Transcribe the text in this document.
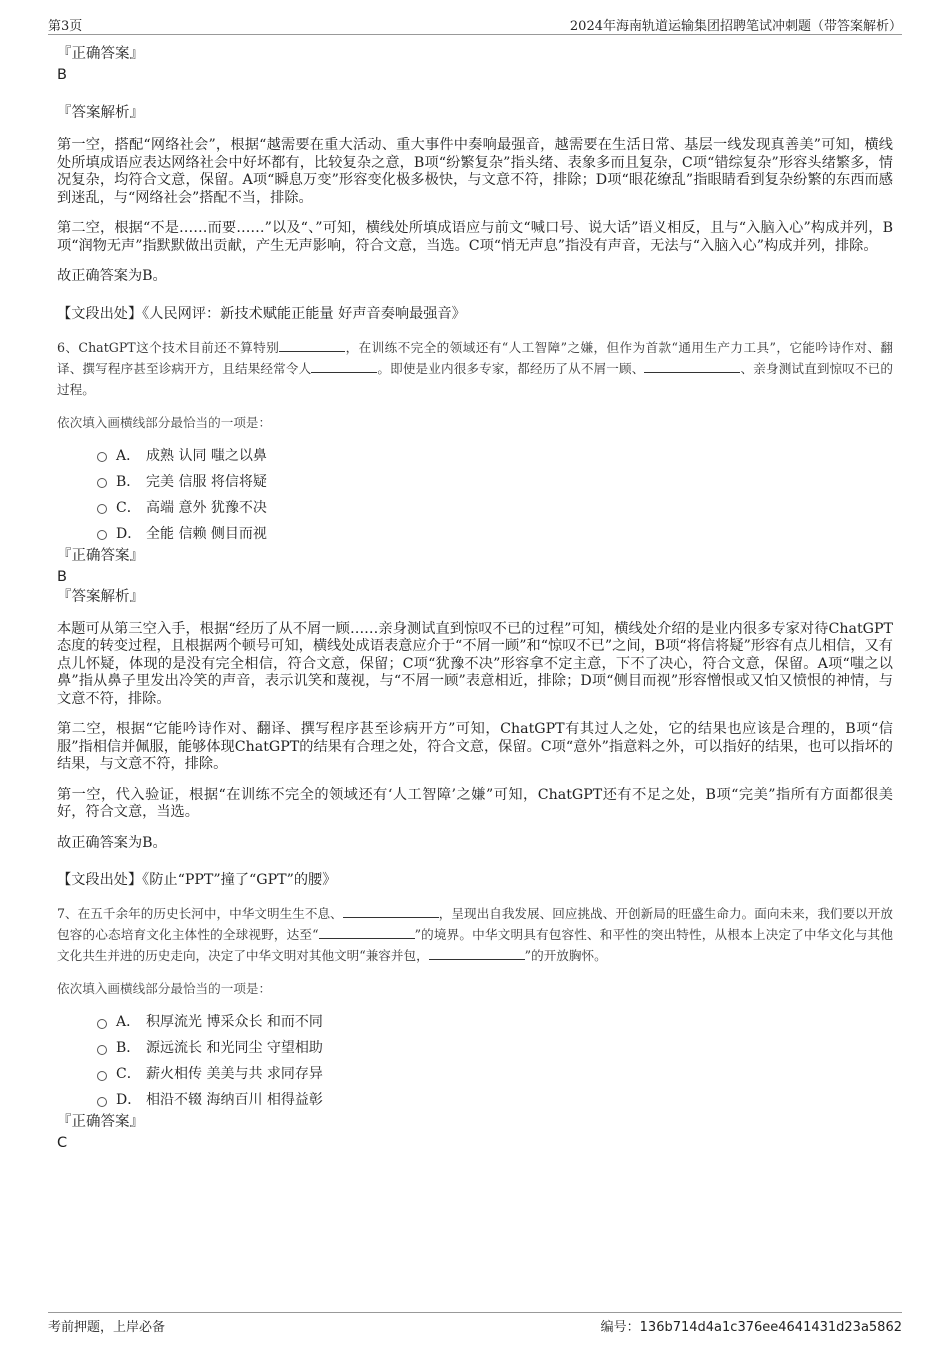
第3页	2024年海南轨道运输集团招聘笔试冲刺题（带答案解析）
『正确答案』
B
『答案解析』

第一空，搭配“网络社会”，根据“越需要在重大活动、重大事件中奏响最强音，越需要在生活日常、基层一线发现真善美”可知，横线处所填成语应表达网络社会中好坏都有，比较复杂之意，B项“纷繁复杂”指头绪、表象多而且复杂，C项“错综复杂”形容头绪繁多，情况复杂，均符合文意，保留。A项“瞬息万变”形容变化极多极快，与文意不符，排除；D项“眼花缭乱”指眼睛看到复杂纷繁的东西而感到迷乱，与“网络社会”搭配不当，排除。

第二空，根据“不是……而要……”以及“、”可知，横线处所填成语应与前文“喊口号、说大话”语义相反，且与“入脑入心”构成并列，B项“润物无声”指默默做出贡献，产生无声影响，符合文意，当选。C项“悄无声息”指没有声音，无法与“入脑入心”构成并列，排除。

故正确答案为B。

【文段出处】《人民网评：新技术赋能正能量 好声音奏响最强音》

6、ChatGPT这个技术目前还不算特别	，在训练不完全的领域还有“人工智障”之嫌，但作为首款“通用生产力工具”，它能吟诗作对、翻译、撰写程序甚至诊病开方，且结果经常令人	。即使是业内很多专家，都经历了从不屑一顾、	、亲身测试直到惊叹不已的过程。

依次填入画横线部分最恰当的一项是：
A． 成熟 认同 嗤之以鼻
B． 完美 信服 将信将疑
C． 高端 意外 犹豫不决
D． 全能 信赖 侧目而视
『正确答案』
B
『答案解析』

本题可从第三空入手，根据“经历了从不屑一顾……亲身测试直到惊叹不已的过程”可知，横线处介绍的是业内很多专家对待ChatGPT态度的转变过程，且根据两个顿号可知，横线处成语表意应介于“不屑一顾”和“惊叹不已”之间，B项“将信将疑”形容有点儿相信，又有点儿怀疑，体现的是没有完全相信，符合文意，保留；C项“犹豫不决”形容拿不定主意，下不了决心，符合文意，保留。A项“嗤之以鼻”指从鼻子里发出冷笑的声音，表示讥笑和蔑视，与“不屑一顾”表意相近，排除；D项“侧目而视”形容憎恨或又怕又愤恨的神情，与文意不符，排除。

第二空，根据“它能吟诗作对、翻译、撰写程序甚至诊病开方”可知，ChatGPT有其过人之处，它的结果也应该是合理的，B项“信服”指相信并佩服，能够体现ChatGPT的结果有合理之处，符合文意，保留。C项“意外”指意料之外，可以指好的结果，也可以指坏的结果，与文意不符，排除。

第一空，代入验证，根据“在训练不完全的领域还有‘人工智障’之嫌”可知，ChatGPT还有不足之处，B项“完美”指所有方面都很美好，符合文意，当选。

故正确答案为B。

【文段出处】《防止“PPT”撞了“GPT”的腰》

7、在五千余年的历史长河中，中华文明生生不息、	，呈现出自我发展、回应挑战、开创新局的旺盛生命力。面向未来，我们要以开放包容的心态培育文化主体性的全球视野，达至“	”的境界。中华文明具有包容性、和平性的突出特性，从根本上决定了中华文化与其他文化共生并进的历史走向，决定了中华文明对其他文明“兼容并包，	”的开放胸怀。

依次填入画横线部分最恰当的一项是：
A． 积厚流光 博采众长 和而不同
B． 源远流长 和光同尘 守望相助
C． 薪火相传 美美与共 求同存异
D． 相沿不辍 海纳百川 相得益彰
『正确答案』
C
考前押题，上岸必备	编号：136b714d4a1c376ee4641431d23a5862
